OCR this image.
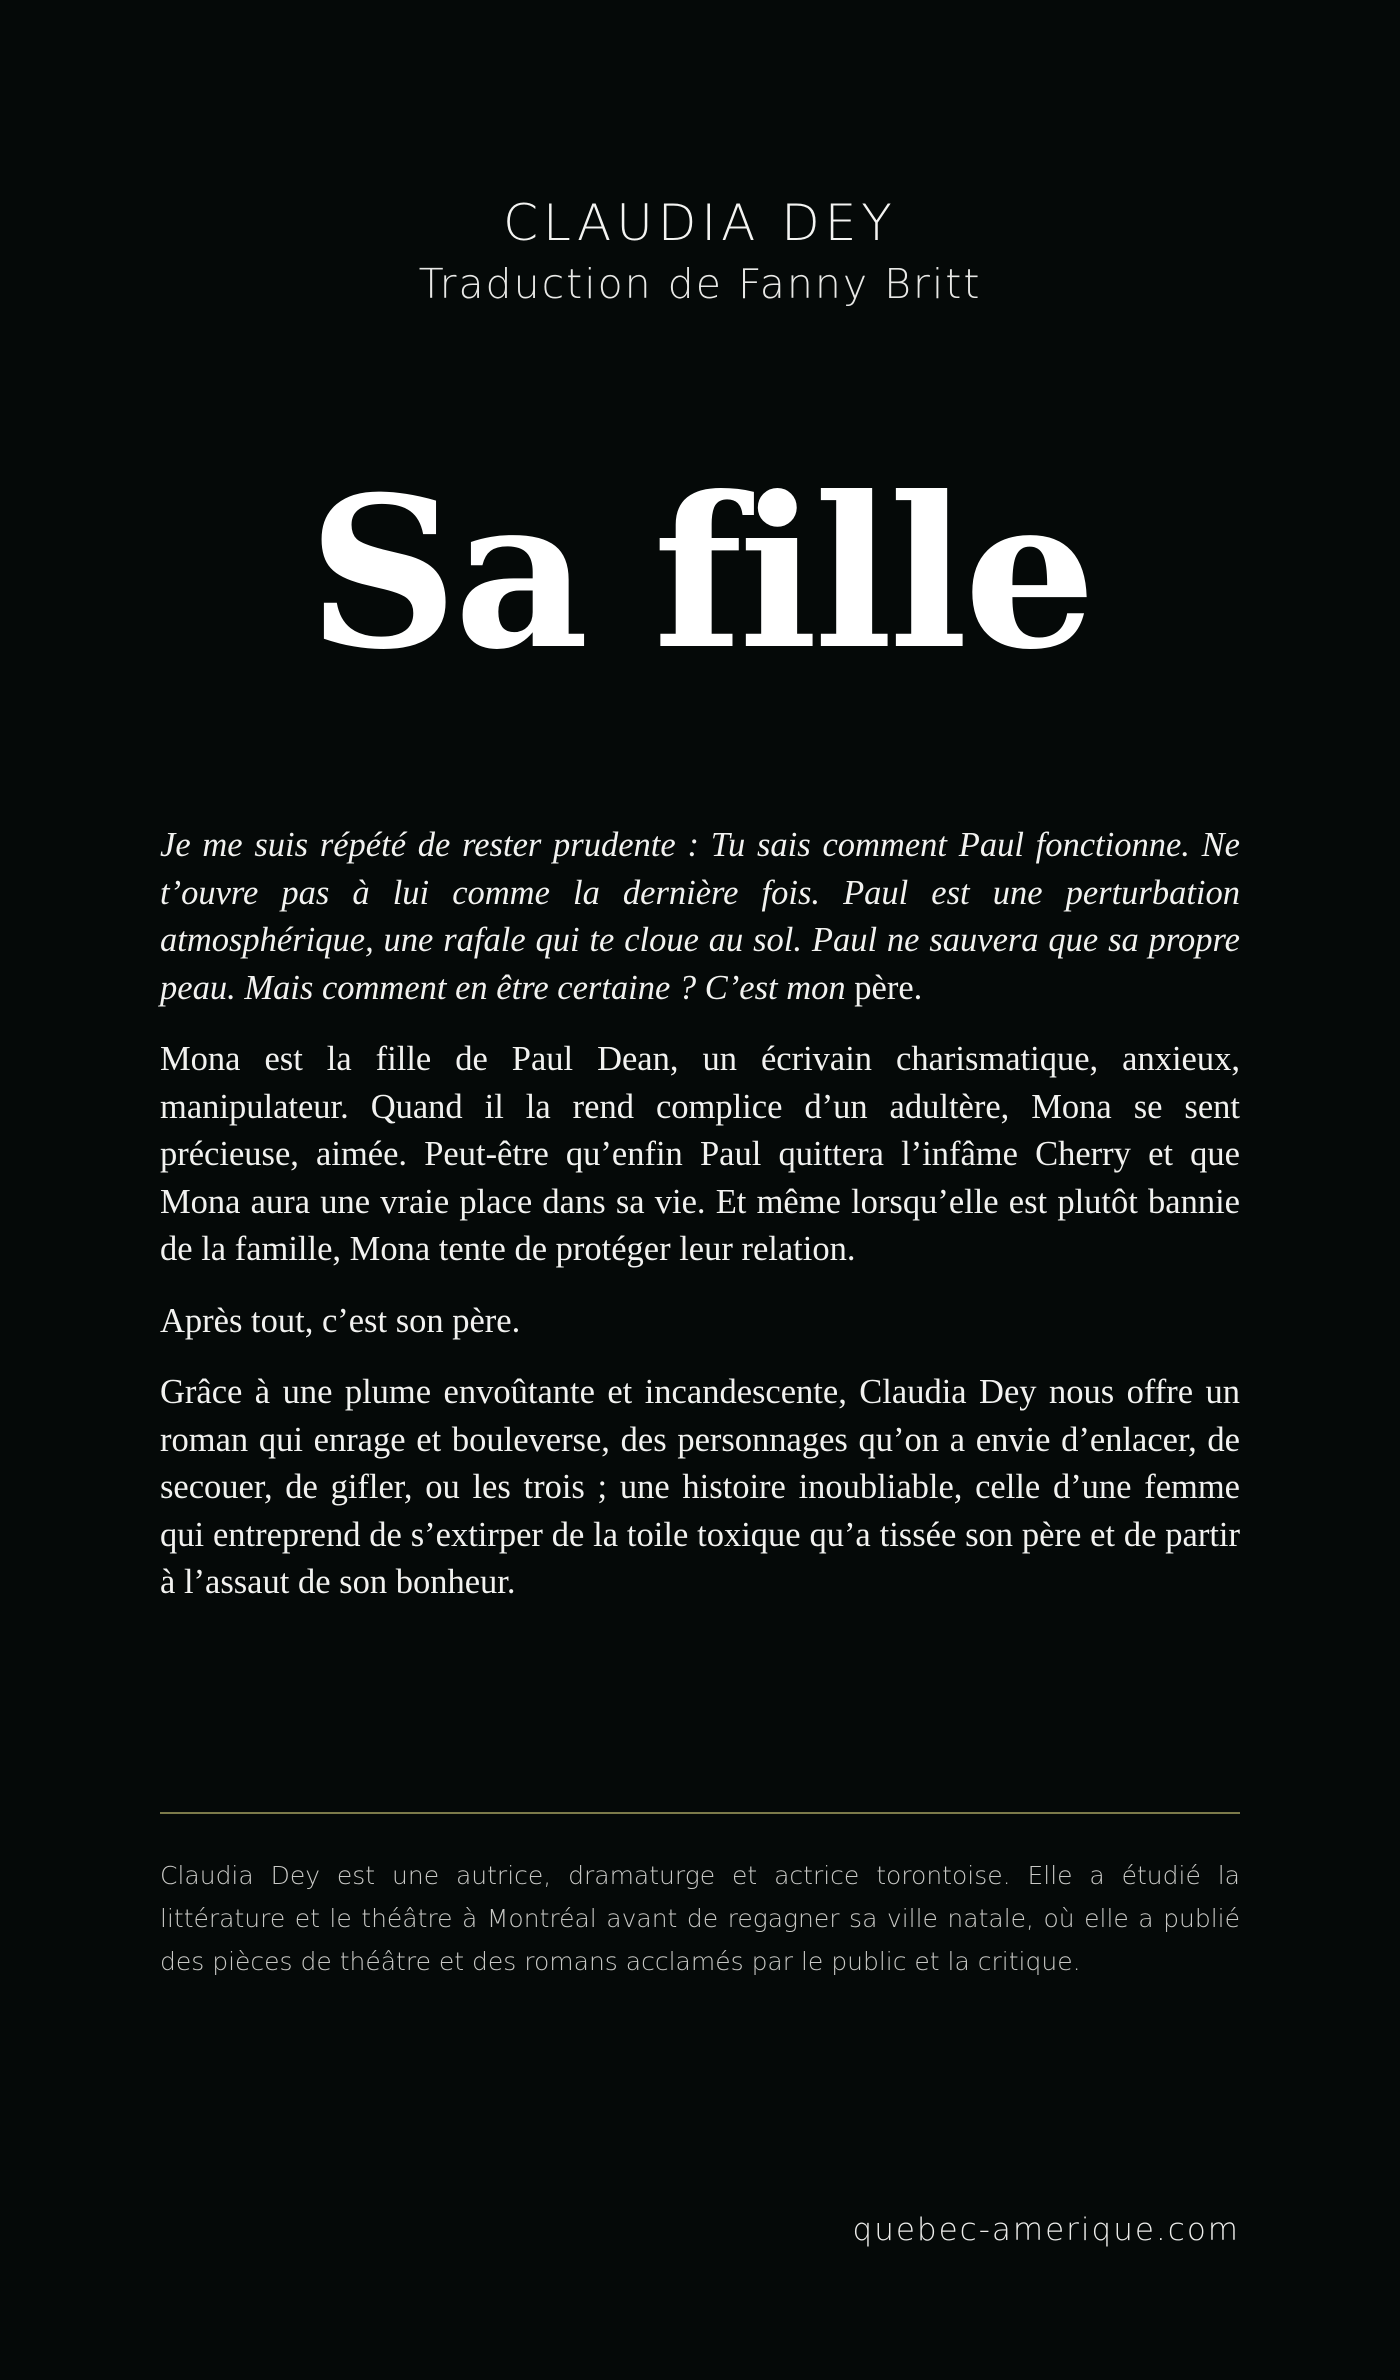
CLAUDIA DEY
Traduction de Fanny Britt
Sa fille

Je me suis répété de rester prudente : Tu sais comment Paul fonctionne. Ne t’ouvre pas à lui comme la dernière fois. Paul est une perturbation atmosphérique, une rafale qui te cloue au sol. Paul ne sauvera que sa propre peau. Mais comment en être certaine ? C’est mon père.

Mona est la fille de Paul Dean, un écrivain charismatique, anxieux, manipulateur. Quand il la rend complice d’un adultère, Mona se sent précieuse, aimée. Peut-être qu’enfin Paul quittera l’infâme Cherry et que Mona aura une vraie place dans sa vie. Et même lorsqu’elle est plutôt bannie de la famille, Mona tente de protéger leur relation.

Après tout, c’est son père.

Grâce à une plume envoûtante et incandescente, Claudia Dey nous offre un roman qui enrage et bouleverse, des personnages qu’on a envie d’enlacer, de secouer, de gifler, ou les trois ; une histoire inoubliable, celle d’une femme qui entreprend de s’extirper de la toile toxique qu’a tissée son père et de partir à l’assaut de son bonheur.

Claudia Dey est une autrice, dramaturge et actrice torontoise. Elle a étudié la littérature et le théâtre à Montréal avant de regagner sa ville natale, où elle a publié des pièces de théâtre et des romans acclamés par le public et la critique.
quebec-amerique.com
